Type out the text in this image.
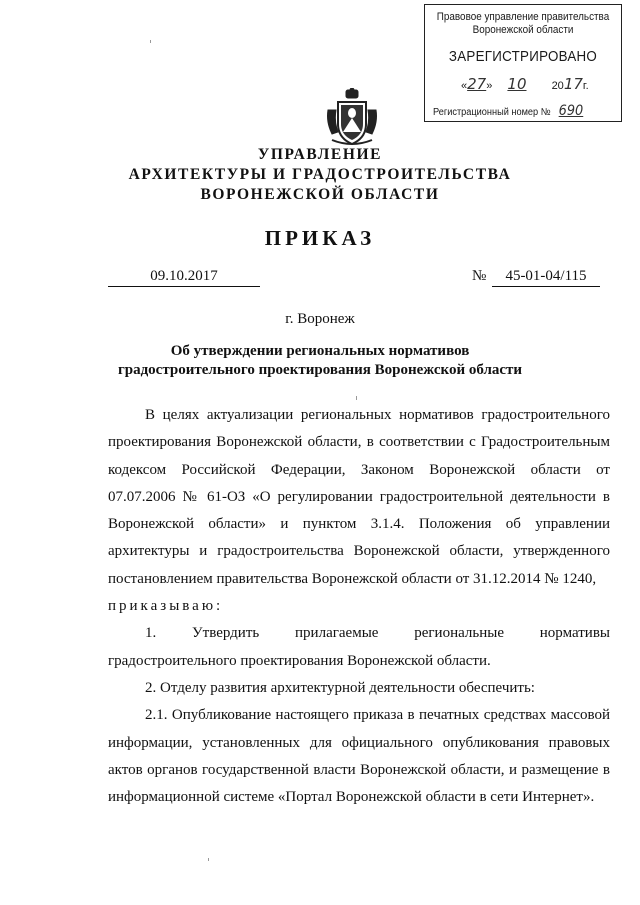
Правовое управление правительства
Воронежской области
ЗАРЕГИСТРИРОВАНО
«27» 10 2017г.
Регистрационный номер № 690
УПРАВЛЕНИЕ
АРХИТЕКТУРЫ И ГРАДОСТРОИТЕЛЬСТВА
ВОРОНЕЖСКОЙ ОБЛАСТИ
ПРИКАЗ
09.10.2017	№	45-01-04/115
г. Воронеж
Об утверждении региональных нормативов
градостроительного проектирования Воронежской области

В целях актуализации региональных нормативов градостроительного проектирования Воронежской области, в соответствии с Градостроительным кодексом Российской Федерации, Законом Воронежской области от 07.07.2006 № 61-ОЗ «О регулировании градостроительной деятельности в Воронежской области» и пунктом 3.1.4. Положения об управлении архитектуры и градостроительства Воронежской области, утвержденного постановлением правительства Воронежской области от 31.12.2014 № 1240,

приказываю:

1. Утвердить прилагаемые региональные нормативы

градостроительного проектирования Воронежской области.

2. Отделу развития архитектурной деятельности обеспечить:

2.1. Опубликование настоящего приказа в печатных средствах массовой информации, установленных для официального опубликования правовых актов органов государственной власти Воронежской области, и размещение в информационной системе «Портал Воронежской области в сети Интернет».
